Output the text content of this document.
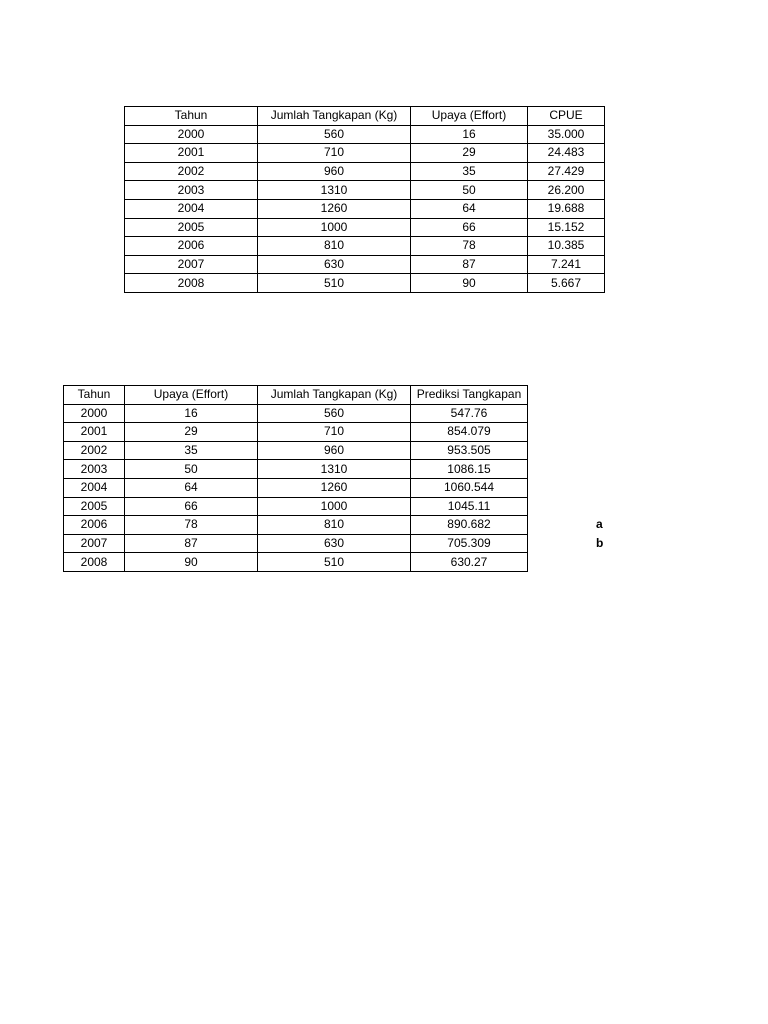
Tahun	Jumlah Tangkapan (Kg)	Upaya (Effort)	CPUE
2000	560	16	35.000
2001	710	29	24.483
2002	960	35	27.429
2003	1310	50	26.200
2004	1260	64	19.688
2005	1000	66	15.152
2006	810	78	10.385
2007	630	87	7.241
2008	510	90	5.667
Tahun	Upaya (Effort)	Jumlah Tangkapan (Kg)	Prediksi Tangkapan
2000	16	560	547.76
2001	29	710	854.079
2002	35	960	953.505
2003	50	1310	1086.15
2004	64	1260	1060.544
2005	66	1000	1045.11
2006	78	810	890.682
2007	87	630	705.309
2008	90	510	630.27
a
b
